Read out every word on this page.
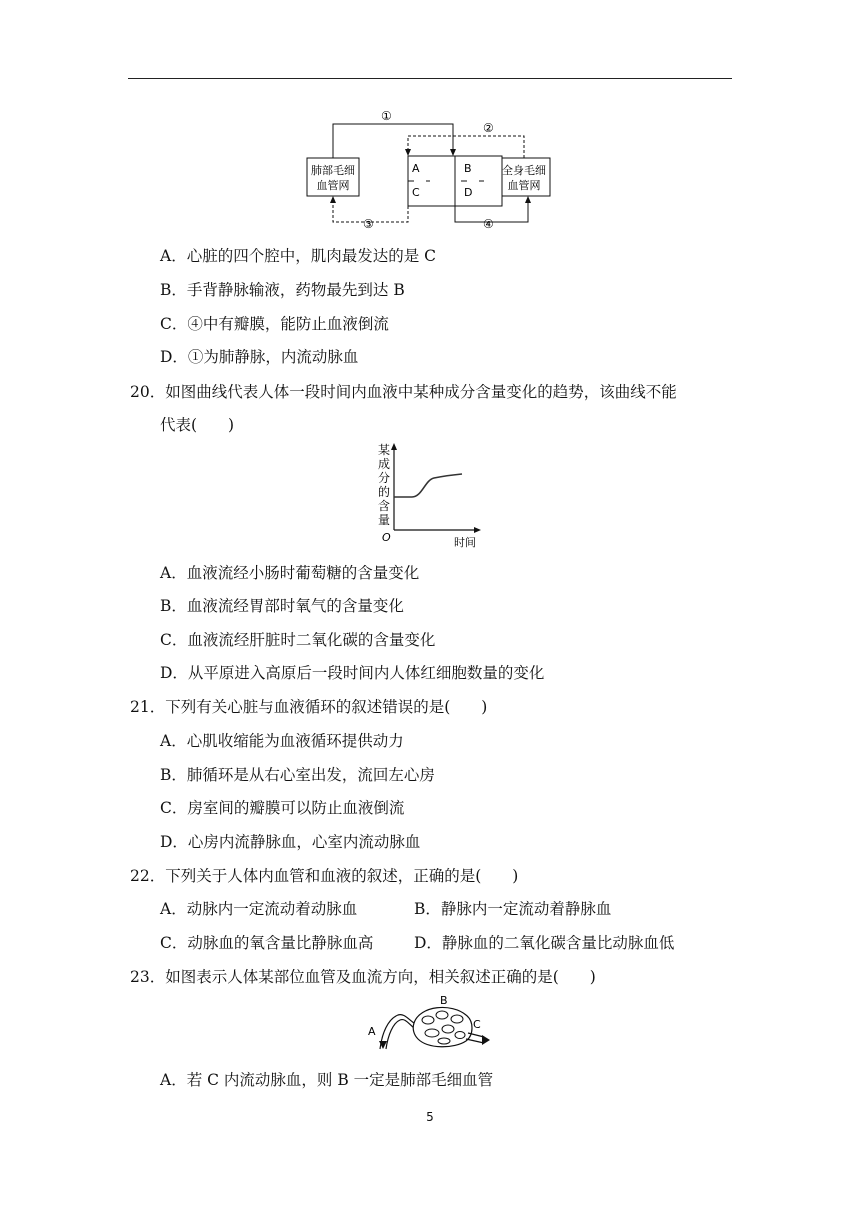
肺部毛细
血管网
全身毛细
血管网
A	B
C	D
①
②
③	④
A．心脏的四个腔中，肌肉最发达的是 C
B．手背静脉输液，药物最先到达 B
C．④中有瓣膜，能防止血液倒流
D．①为肺静脉，内流动脉血
20．如图曲线代表人体一段时间内血液中某种成分含量变化的趋势，该曲线不能
代表(　　)
某
成
分
的
含
量
O	时间
A．血液流经小肠时葡萄糖的含量变化
B．血液流经胃部时氧气的含量变化
C．血液流经肝脏时二氧化碳的含量变化
D．从平原进入高原后一段时间内人体红细胞数量的变化
21．下列有关心脏与血液循环的叙述错误的是(　　)
A．心肌收缩能为血液循环提供动力
B．肺循环是从右心室出发，流回左心房
C．房室间的瓣膜可以防止血液倒流
D．心房内流静脉血，心室内流动脉血
22．下列关于人体内血管和血液的叙述，正确的是(　　)
A．动脉内一定流动着动脉血	B．静脉内一定流动着静脉血
C．动脉血的氧含量比静脉血高	D．静脉血的二氧化碳含量比动脉血低
23．如图表示人体某部位血管及血流方向，相关叙述正确的是(　　)
B
A
C
A．若 C 内流动脉血，则 B 一定是肺部毛细血管
5
